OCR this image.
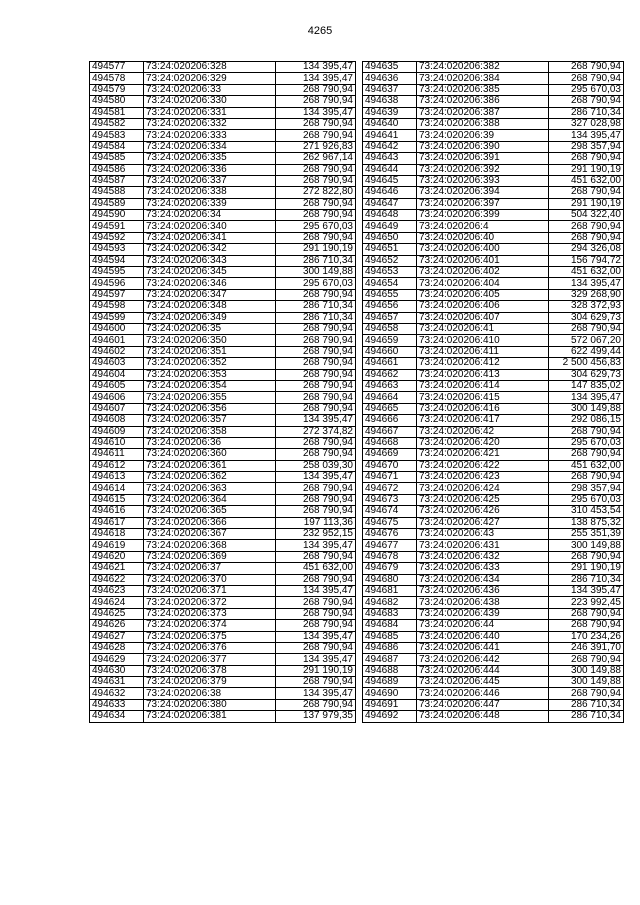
4265
494577	73:24:020206:328	134 395,47
494578	73:24:020206:329	134 395,47
494579	73:24:020206:33	268 790,94
494580	73:24:020206:330	268 790,94
494581	73:24:020206:331	134 395,47
494582	73:24:020206:332	268 790,94
494583	73:24:020206:333	268 790,94
494584	73:24:020206:334	271 926,83
494585	73:24:020206:335	262 967,14
494586	73:24:020206:336	268 790,94
494587	73:24:020206:337	268 790,94
494588	73:24:020206:338	272 822,80
494589	73:24:020206:339	268 790,94
494590	73:24:020206:34	268 790,94
494591	73:24:020206:340	295 670,03
494592	73:24:020206:341	268 790,94
494593	73:24:020206:342	291 190,19
494594	73:24:020206:343	286 710,34
494595	73:24:020206:345	300 149,88
494596	73:24:020206:346	295 670,03
494597	73:24:020206:347	268 790,94
494598	73:24:020206:348	286 710,34
494599	73:24:020206:349	286 710,34
494600	73:24:020206:35	268 790,94
494601	73:24:020206:350	268 790,94
494602	73:24:020206:351	268 790,94
494603	73:24:020206:352	268 790,94
494604	73:24:020206:353	268 790,94
494605	73:24:020206:354	268 790,94
494606	73:24:020206:355	268 790,94
494607	73:24:020206:356	268 790,94
494608	73:24:020206:357	134 395,47
494609	73:24:020206:358	272 374,82
494610	73:24:020206:36	268 790,94
494611	73:24:020206:360	268 790,94
494612	73:24:020206:361	258 039,30
494613	73:24:020206:362	134 395,47
494614	73:24:020206:363	268 790,94
494615	73:24:020206:364	268 790,94
494616	73:24:020206:365	268 790,94
494617	73:24:020206:366	197 113,36
494618	73:24:020206:367	232 952,15
494619	73:24:020206:368	134 395,47
494620	73:24:020206:369	268 790,94
494621	73:24:020206:37	451 632,00
494622	73:24:020206:370	268 790,94
494623	73:24:020206:371	134 395,47
494624	73:24:020206:372	268 790,94
494625	73:24:020206:373	268 790,94
494626	73:24:020206:374	268 790,94
494627	73:24:020206:375	134 395,47
494628	73:24:020206:376	268 790,94
494629	73:24:020206:377	134 395,47
494630	73:24:020206:378	291 190,19
494631	73:24:020206:379	268 790,94
494632	73:24:020206:38	134 395,47
494633	73:24:020206:380	268 790,94
494634	73:24:020206:381	137 979,35
494635	73:24:020206:382	268 790,94
494636	73:24:020206:384	268 790,94
494637	73:24:020206:385	295 670,03
494638	73:24:020206:386	268 790,94
494639	73:24:020206:387	286 710,34
494640	73:24:020206:388	327 028,98
494641	73:24:020206:39	134 395,47
494642	73:24:020206:390	298 357,94
494643	73:24:020206:391	268 790,94
494644	73:24:020206:392	291 190,19
494645	73:24:020206:393	451 632,00
494646	73:24:020206:394	268 790,94
494647	73:24:020206:397	291 190,19
494648	73:24:020206:399	504 322,40
494649	73:24:020206:4	268 790,94
494650	73:24:020206:40	268 790,94
494651	73:24:020206:400	294 326,08
494652	73:24:020206:401	156 794,72
494653	73:24:020206:402	451 632,00
494654	73:24:020206:404	134 395,47
494655	73:24:020206:405	329 268,90
494656	73:24:020206:406	328 372,93
494657	73:24:020206:407	304 629,73
494658	73:24:020206:41	268 790,94
494659	73:24:020206:410	572 067,20
494660	73:24:020206:411	622 499,44
494661	73:24:020206:412	2 500 456,83
494662	73:24:020206:413	304 629,73
494663	73:24:020206:414	147 835,02
494664	73:24:020206:415	134 395,47
494665	73:24:020206:416	300 149,88
494666	73:24:020206:417	292 086,15
494667	73:24:020206:42	268 790,94
494668	73:24:020206:420	295 670,03
494669	73:24:020206:421	268 790,94
494670	73:24:020206:422	451 632,00
494671	73:24:020206:423	268 790,94
494672	73:24:020206:424	298 357,94
494673	73:24:020206:425	295 670,03
494674	73:24:020206:426	310 453,54
494675	73:24:020206:427	138 875,32
494676	73:24:020206:43	255 351,39
494677	73:24:020206:431	300 149,88
494678	73:24:020206:432	268 790,94
494679	73:24:020206:433	291 190,19
494680	73:24:020206:434	286 710,34
494681	73:24:020206:436	134 395,47
494682	73:24:020206:438	223 992,45
494683	73:24:020206:439	268 790,94
494684	73:24:020206:44	268 790,94
494685	73:24:020206:440	170 234,26
494686	73:24:020206:441	246 391,70
494687	73:24:020206:442	268 790,94
494688	73:24:020206:444	300 149,88
494689	73:24:020206:445	300 149,88
494690	73:24:020206:446	268 790,94
494691	73:24:020206:447	286 710,34
494692	73:24:020206:448	286 710,34
